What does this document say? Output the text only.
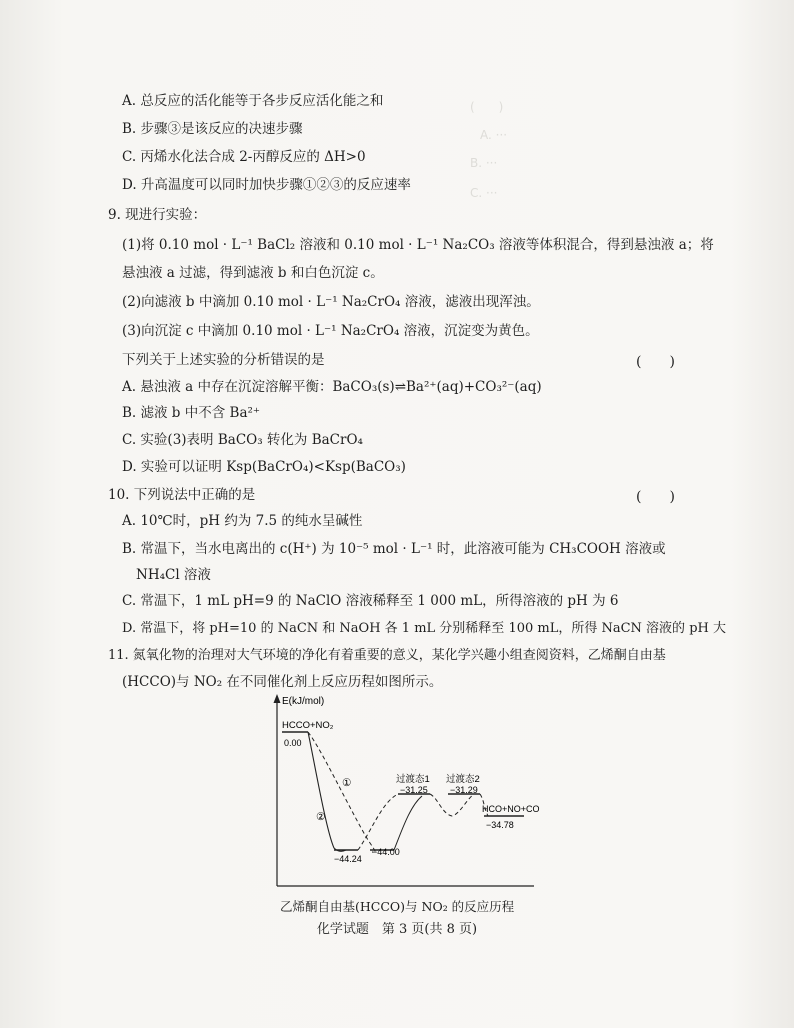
(　　)
A. ···
B. ···
C. ···
A. 总反应的活化能等于各步反应活化能之和
B. 步骤③是该反应的决速步骤
C. 丙烯水化法合成 2-丙醇反应的 ΔH>0
D. 升高温度可以同时加快步骤①②③的反应速率
9. 现进行实验：
(1)将 0.10 mol · L⁻¹ BaCl₂ 溶液和 0.10 mol · L⁻¹ Na₂CO₃ 溶液等体积混合，得到悬浊液 a；将
悬浊液 a 过滤，得到滤液 b 和白色沉淀 c。
(2)向滤液 b 中滴加 0.10 mol · L⁻¹ Na₂CrO₄ 溶液，滤液出现浑浊。
(3)向沉淀 c 中滴加 0.10 mol · L⁻¹ Na₂CrO₄ 溶液，沉淀变为黄色。
下列关于上述实验的分析错误的是	(　　)
A. 悬浊液 a 中存在沉淀溶解平衡：BaCO₃(s)⇌Ba²⁺(aq)+CO₃²⁻(aq)
B. 滤液 b 中不含 Ba²⁺
C. 实验(3)表明 BaCO₃ 转化为 BaCrO₄
D. 实验可以证明 Ksp(BaCrO₄)<Ksp(BaCO₃)
10. 下列说法中正确的是	(　　)
A. 10℃时，pH 约为 7.5 的纯水呈碱性
B. 常温下，当水电离出的 c(H⁺) 为 10⁻⁵ mol · L⁻¹ 时，此溶液可能为 CH₃COOH 溶液或
NH₄Cl 溶液
C. 常温下，1 mL pH=9 的 NaClO 溶液稀释至 1 000 mL，所得溶液的 pH 为 6
D. 常温下，将 pH=10 的 NaCN 和 NaOH 各 1 mL 分别稀释至 100 mL，所得 NaCN 溶液的 pH 大
11. 氮氧化物的治理对大气环境的净化有着重要的意义，某化学兴趣小组查阅资料，乙烯酮自由基
(HCCO)与 NO₂ 在不同催化剂上反应历程如图所示。
E(kJ/mol)
HCCO+NO₂
0.00
−44.24
−44.00
①
②
过渡态1
−31.25
过渡态2
−31.29
HCO+NO+CO
−34.78
乙烯酮自由基(HCCO)与 NO₂ 的反应历程
化学试题　第 3 页(共 8 页)
